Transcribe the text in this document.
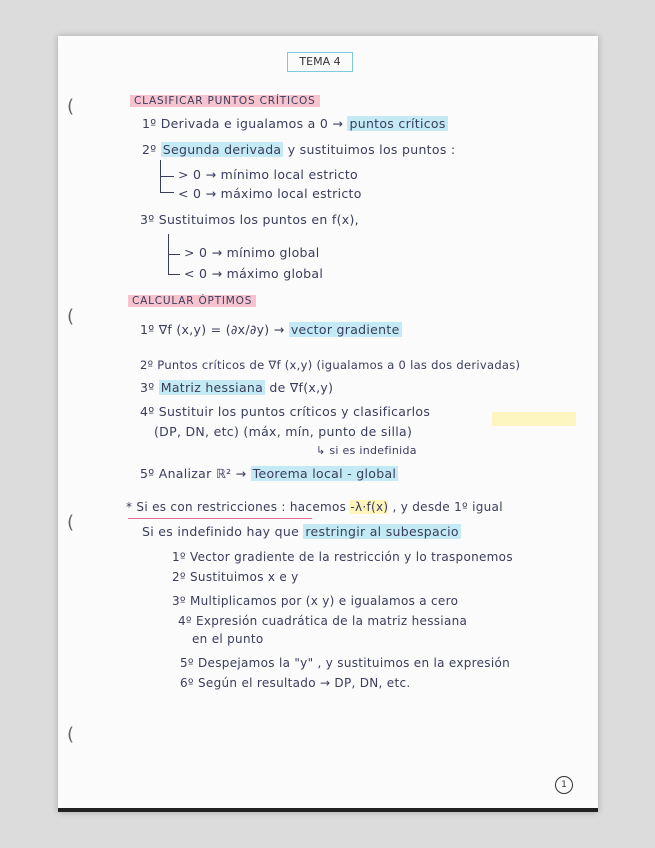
(
(
(
(
TEMA 4
CLASIFICAR PUNTOS CRÍTICOS
1º Derivada e igualamos a 0 → puntos críticos
2º Segunda derivada y sustituimos los puntos :
> 0 → mínimo local estricto
< 0 → máximo local estricto
3º Sustituimos los puntos en f(x),
> 0 → mínimo global
< 0 → máximo global
CALCULAR ÓPTIMOS
1º ∇f (x,y) = (∂x/∂y) → vector gradiente
2º Puntos críticos de ∇f (x,y) (igualamos a 0 las dos derivadas)
3º Matriz hessiana de ∇f(x,y)
4º Sustituir los puntos críticos y clasificarlos
(DP, DN, etc) (máx, mín, punto de silla)
↳ si es indefinida
5º Analizar ℝ² → Teorema local - global
* Si es con restricciones : hacemos -λ·f(x) , y desde 1º igual
Si es indefinido hay que restringir al subespacio
1º Vector gradiente de la restricción y lo trasponemos
2º Sustituimos x e y
3º Multiplicamos por (x y) e igualamos a cero
4º Expresión cuadrática de la matriz hessiana
en el punto
5º Despejamos la "y" , y sustituimos en la expresión
6º Según el resultado → DP, DN, etc.
1
